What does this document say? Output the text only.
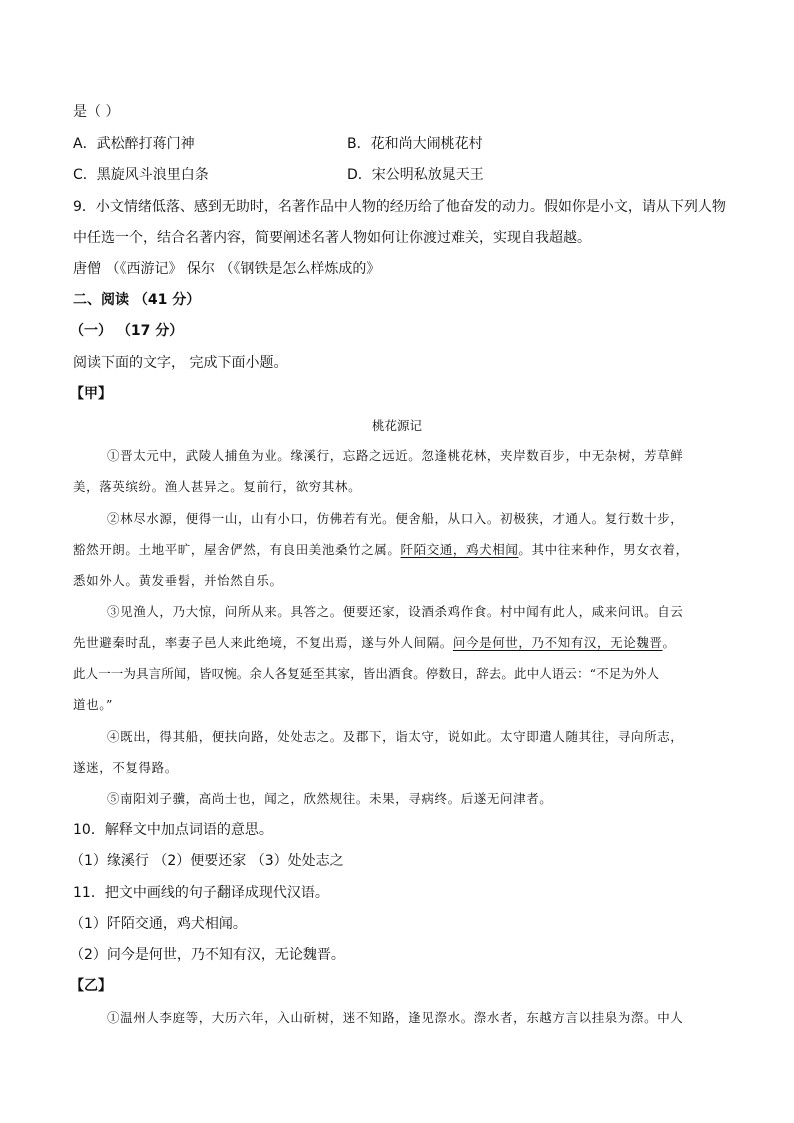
是（ ）
A．武松醉打蒋门神	B．花和尚大闹桃花村
C．黑旋风斗浪里白条	D．宋公明私放晁天王
9．小文情绪低落、感到无助时，名著作品中人物的经历给了他奋发的动力。假如你是小文，请从下列人物
中任选一个，结合名著内容，简要阐述名著人物如何让你渡过难关，实现自我超越。
唐僧 （《西游记》 保尔 （《钢铁是怎么样炼成的》
二、阅读 （41 分）
（一） （17 分）
阅读下面的文字， 完成下面小题。
【甲】
桃花源记
①晋太元中，武陵人捕鱼为业。缘溪行，忘路之远近。忽逢桃花林，夹岸数百步，中无杂树，芳草鲜
美，落英缤纷。渔人甚异之。复前行，欲穷其林。
②林尽水源，便得一山，山有小口，仿佛若有光。便舍船，从口入。初极狭，才通人。复行数十步，
豁然开朗。土地平旷，屋舍俨然，有良田美池桑竹之属。阡陌交通，鸡犬相闻。其中往来种作，男女衣着，
悉如外人。黄发垂髫，并怡然自乐。
③见渔人，乃大惊，问所从来。具答之。便要还家，设酒杀鸡作食。村中闻有此人，咸来问讯。自云
先世避秦时乱，率妻子邑人来此绝境，不复出焉，遂与外人间隔。问今是何世，乃不知有汉，无论魏晋。
此人一一为具言所闻，皆叹惋。余人各复延至其家，皆出酒食。停数日，辞去。此中人语云：“不足为外人
道也。”
④既出，得其船，便扶向路，处处志之。及郡下，诣太守，说如此。太守即遣人随其往，寻向所志，
遂迷，不复得路。
⑤南阳刘子骥，高尚士也，闻之，欣然规往。未果，寻病终。后遂无问津者。
10．解释文中加点词语的意思。
（1）缘溪行 （2）便要还家 （3）处处志之
11．把文中画线的句子翻译成现代汉语。
（1）阡陌交通，鸡犬相闻。
（2）问今是何世，乃不知有汉，无论魏晋。
【乙】
①温州人李庭等，大历六年，入山斫树，迷不知路，逢见漈水。漈水者，东越方言以挂泉为漈。中人
